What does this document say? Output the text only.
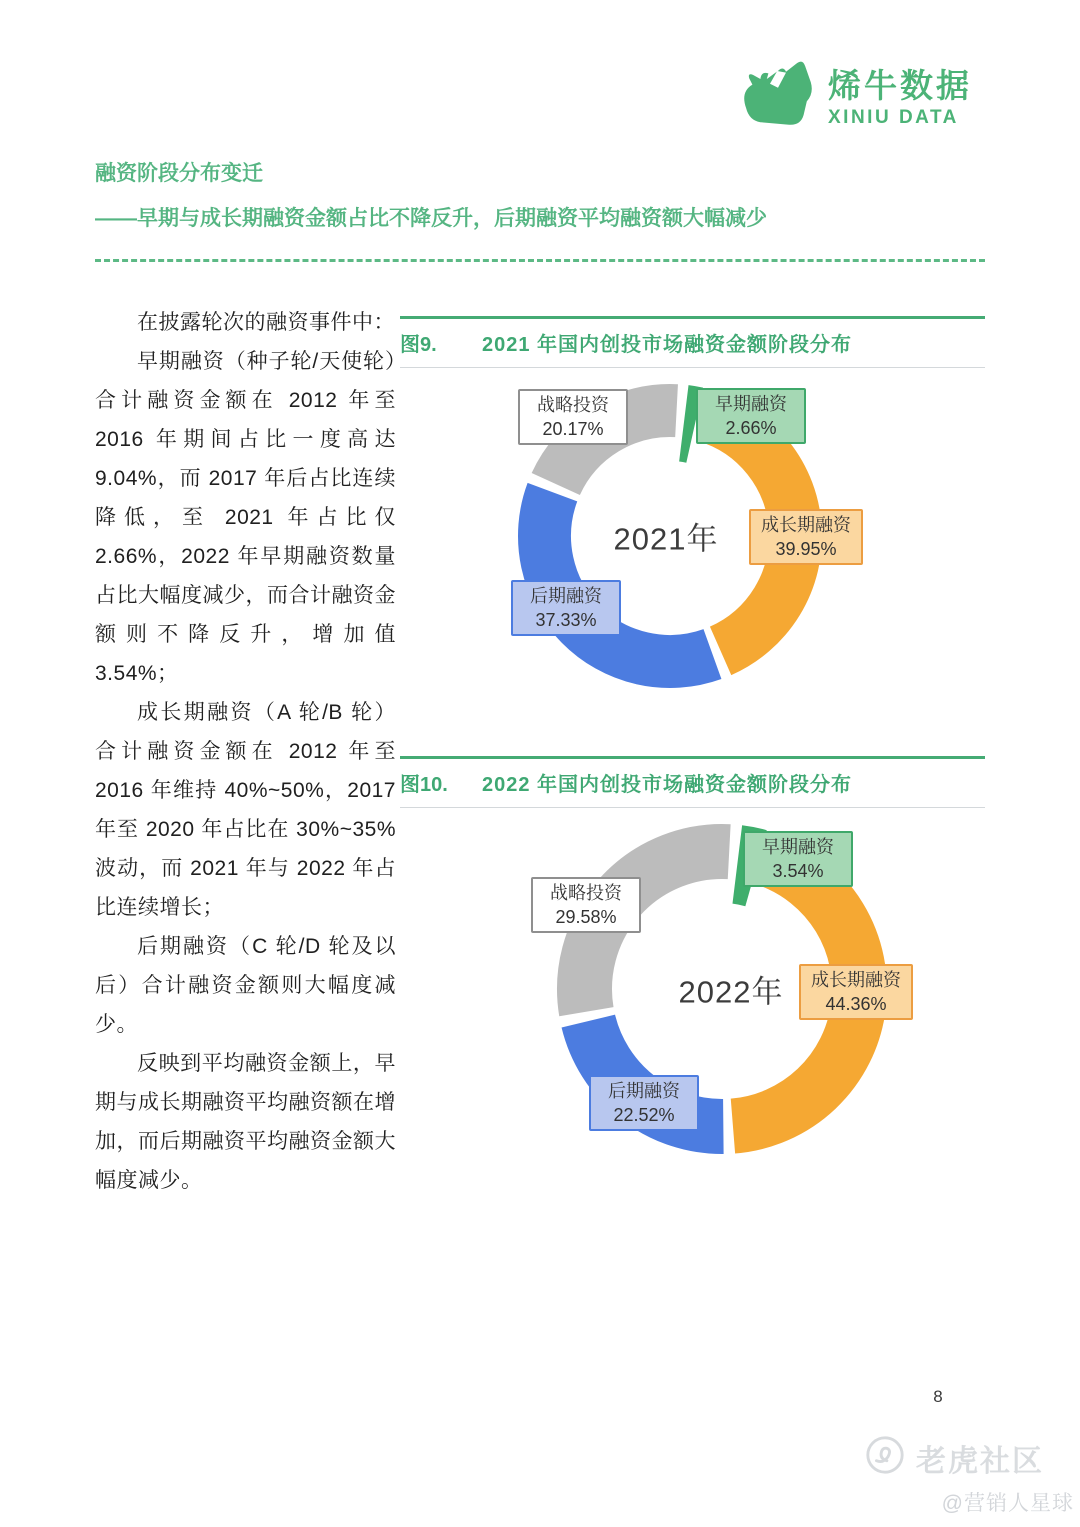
烯牛数据
XINIU DATA
融资阶段分布变迁
——早期与成长期融资金额占比不降反升，后期融资平均融资额大幅减少

在披露轮次的融资事件中：

早期融资（种子轮/天使轮）合计融资金额在 2012 年至 2016 年期间占比一度高达 9.04%，而 2017 年后占比连续降低，至 2021 年占比仅 2.66%，2022 年早期融资数量占比大幅度减少，而合计融资金额则不降反升，增加值 3.54%；

成长期融资（A 轮/B 轮）合计融资金额在 2012 年至 2016 年维持 40%~50%，2017 年至 2020 年占比在 30%~35%波动，而 2021 年与 2022 年占比连续增长；

后期融资（C 轮/D 轮及以后）合计融资金额则大幅度减少。

反映到平均融资金额上，早期与成长期融资平均融资额在增加，而后期融资平均融资金额大幅度减少。

图9.	2021 年国内创投市场融资金额阶段分布
2021年
早期融资
2.66%
成长期融资
39.95%
后期融资
37.33%
战略投资
20.17%
图10.	2022 年国内创投市场融资金额阶段分布
2022年
早期融资
3.54%
成长期融资
44.36%
后期融资
22.52%
战略投资
29.58%
8
老虎社区
@营销人星球
